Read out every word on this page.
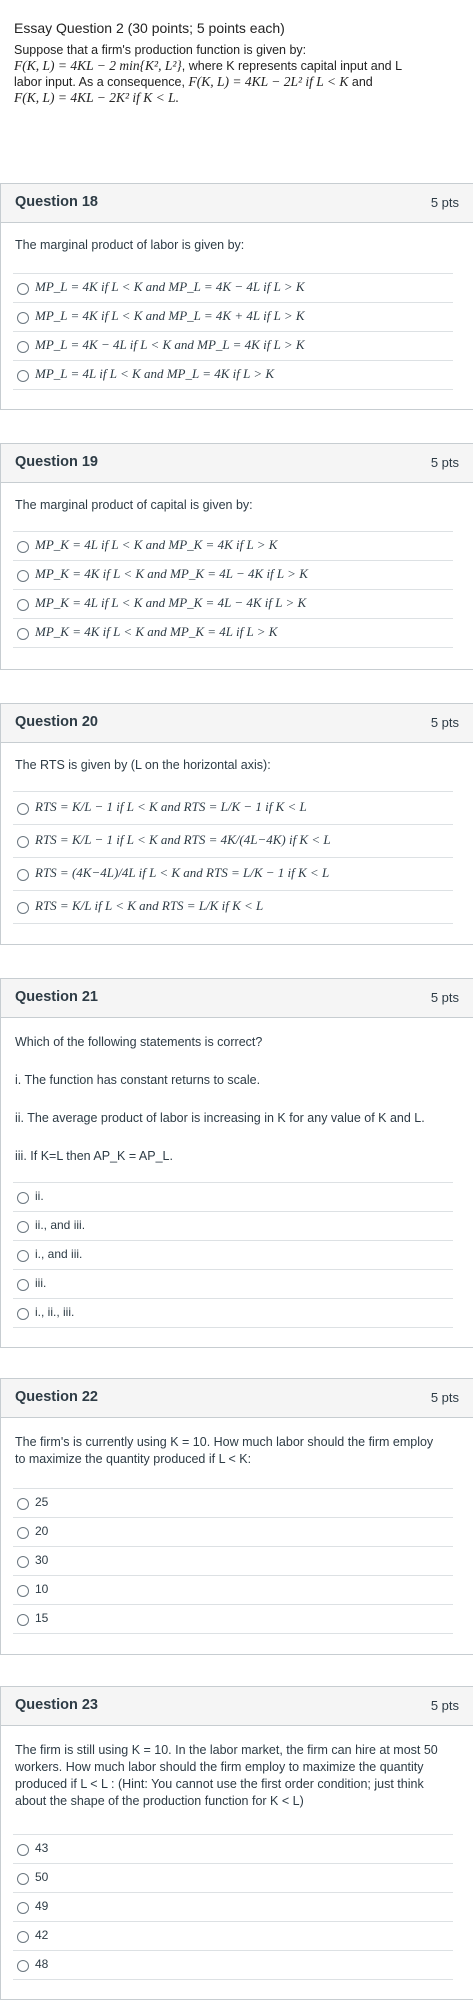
Essay Question 2 (30 points; 5 points each)
Suppose that a firm's production function is given by:
F(K, L) = 4KL − 2 min{K², L²}, where K represents capital input and L
labor input. As a consequence, F(K, L) = 4KL − 2L² if L < K and
F(K, L) = 4KL − 2K² if K < L.
Question 18	5 pts
The marginal product of labor is given by:
MP_L = 4K if L < K and MP_L = 4K − 4L if L > K
MP_L = 4K if L < K and MP_L = 4K + 4L if L > K
MP_L = 4K − 4L if L < K and MP_L = 4K if L > K
MP_L = 4L if L < K and MP_L = 4K if L > K
Question 19	5 pts
The marginal product of capital is given by:
MP_K = 4L if L < K and MP_K = 4K if L > K
MP_K = 4K if L < K and MP_K = 4L − 4K if L > K
MP_K = 4L if L < K and MP_K = 4L − 4K if L > K
MP_K = 4K if L < K and MP_K = 4L if L > K
Question 20	5 pts
The RTS is given by (L on the horizontal axis):
RTS = K/L − 1 if L < K and RTS = L/K − 1 if K < L
RTS = K/L − 1 if L < K and RTS = 4K/(4L−4K) if K < L
RTS = (4K−4L)/4L if L < K and RTS = L/K − 1 if K < L
RTS = K/L if L < K and RTS = L/K if K < L
Question 21	5 pts
Which of the following statements is correct?
i. The function has constant returns to scale.
ii. The average product of labor is increasing in K for any value of K and L.
iii. If K=L then AP_K = AP_L.
ii.
ii., and iii.
i., and iii.
iii.
i., ii., iii.
Question 22	5 pts
The firm's is currently using K = 10. How much labor should the firm employ to maximize the quantity produced if L < K:
25
20
30
10
15
Question 23	5 pts
The firm is still using K = 10. In the labor market, the firm can hire at most 50 workers. How much labor should the firm employ to maximize the quantity produced if L < L : (Hint: You cannot use the first order condition; just think about the shape of the production function for K < L)
43
50
49
42
48
